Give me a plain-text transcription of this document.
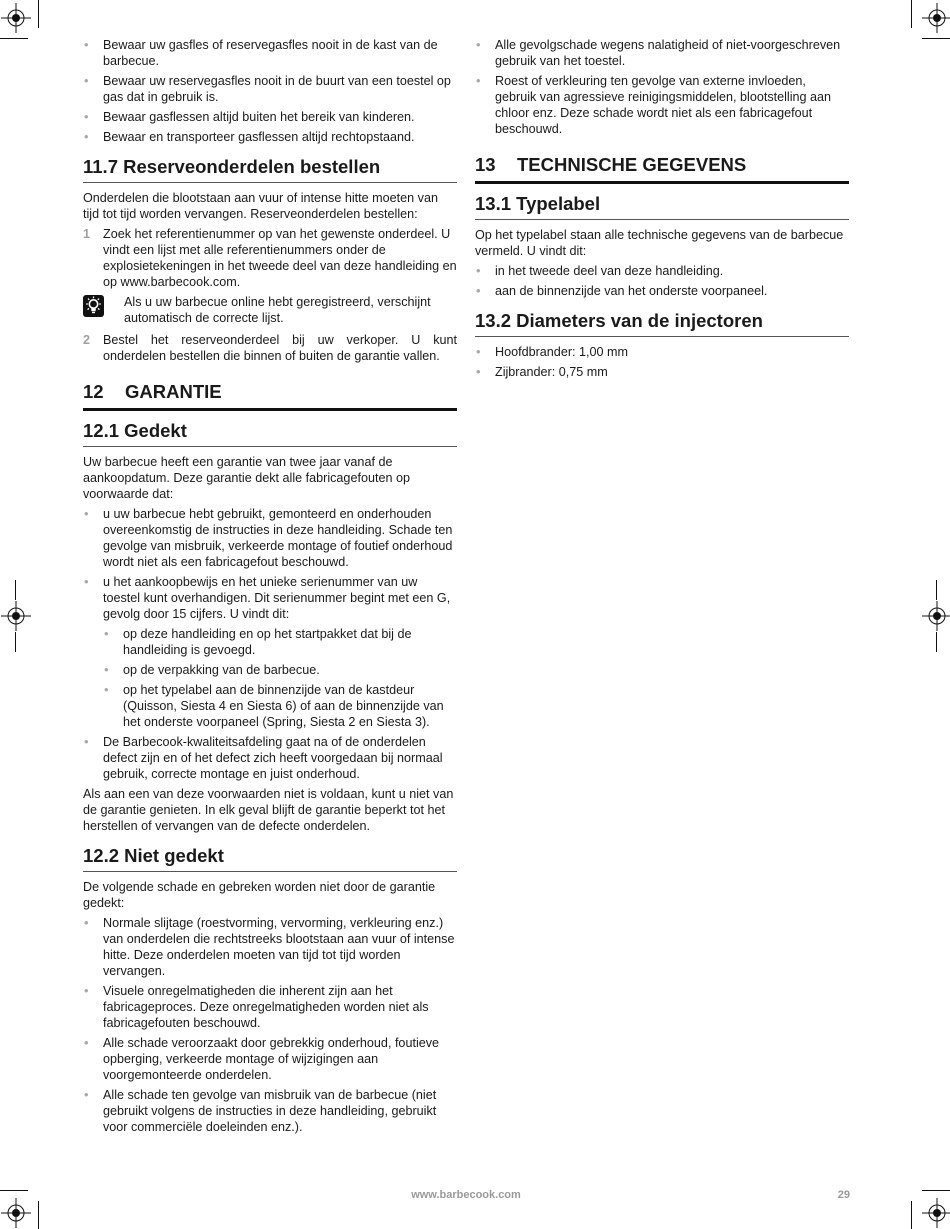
• Bewaar uw gasfles of reservegasfles nooit in de kast van de barbecue.
• Bewaar uw reservegasfles nooit in de buurt van een toestel op gas dat in gebruik is.
• Bewaar gasflessen altijd buiten het bereik van kinderen.
• Bewaar en transporteer gasflessen altijd rechtopstaand.
11.7 Reserveonderdelen bestellen

Onderdelen die blootstaan aan vuur of intense hitte moeten van tijd tot tijd worden vervangen. Reserveonderdelen bestellen:

1 Zoek het referentienummer op van het gewenste onderdeel. U vindt een lijst met alle referentienummers onder de explosietekeningen in het tweede deel van deze handleiding en op www.barbecook.com.
Als u uw barbecue online hebt geregistreerd, verschijnt automatisch de correcte lijst.
2 Bestel het reserveonderdeel bij uw verkoper. U kunt onderdelen bestellen die binnen of buiten de garantie vallen.
12 GARANTIE
12.1 Gedekt

Uw barbecue heeft een garantie van twee jaar vanaf de aankoopdatum. Deze garantie dekt alle fabricagefouten op voorwaarde dat:

• u uw barbecue hebt gebruikt, gemonteerd en onderhouden overeenkomstig de instructies in deze handleiding. Schade ten gevolge van misbruik, verkeerde montage of foutief onderhoud wordt niet als een fabricagefout beschouwd.
• u het aankoopbewijs en het unieke serienummer van uw toestel kunt overhandigen. Dit serienummer begint met een G, gevolg door 15 cijfers. U vindt dit:
• op deze handleiding en op het startpakket dat bij de handleiding is gevoegd.
• op de verpakking van de barbecue.
• op het typelabel aan de binnenzijde van de kastdeur (Quisson, Siesta 4 en Siesta 6) of aan de binnenzijde van het onderste voorpaneel (Spring, Siesta 2 en Siesta 3).
• De Barbecook-kwaliteitsafdeling gaat na of de onderdelen defect zijn en of het defect zich heeft voorgedaan bij normaal gebruik, correcte montage en juist onderhoud.

Als aan een van deze voorwaarden niet is voldaan, kunt u niet van de garantie genieten. In elk geval blijft de garantie beperkt tot het herstellen of vervangen van de defecte onderdelen.

12.2 Niet gedekt

De volgende schade en gebreken worden niet door de garantie gedekt:

• Normale slijtage (roestvorming, vervorming, verkleuring enz.) van onderdelen die rechtstreeks blootstaan aan vuur of intense hitte. Deze onderdelen moeten van tijd tot tijd worden vervangen.
• Visuele onregelmatigheden die inherent zijn aan het fabricageproces. Deze onregelmatigheden worden niet als fabricagefouten beschouwd.
• Alle schade veroorzaakt door gebrekkig onderhoud, foutieve opberging, verkeerde montage of wijzigingen aan voorgemonteerde onderdelen.
• Alle schade ten gevolge van misbruik van de barbecue (niet gebruikt volgens de instructies in deze handleiding, gebruikt voor commerciële doeleinden enz.).
• Alle gevolgschade wegens nalatigheid of niet-voorgeschreven gebruik van het toestel.
• Roest of verkleuring ten gevolge van externe invloeden, gebruik van agressieve reinigingsmiddelen, blootstelling aan chloor enz. Deze schade wordt niet als een fabricagefout beschouwd.
13 TECHNISCHE GEGEVENS
13.1 Typelabel

Op het typelabel staan alle technische gegevens van de barbecue vermeld. U vindt dit:

• in het tweede deel van deze handleiding.
• aan de binnenzijde van het onderste voorpaneel.
13.2 Diameters van de injectoren
• Hoofdbrander: 1,00 mm
• Zijbrander: 0,75 mm
www.barbecook.com	29
